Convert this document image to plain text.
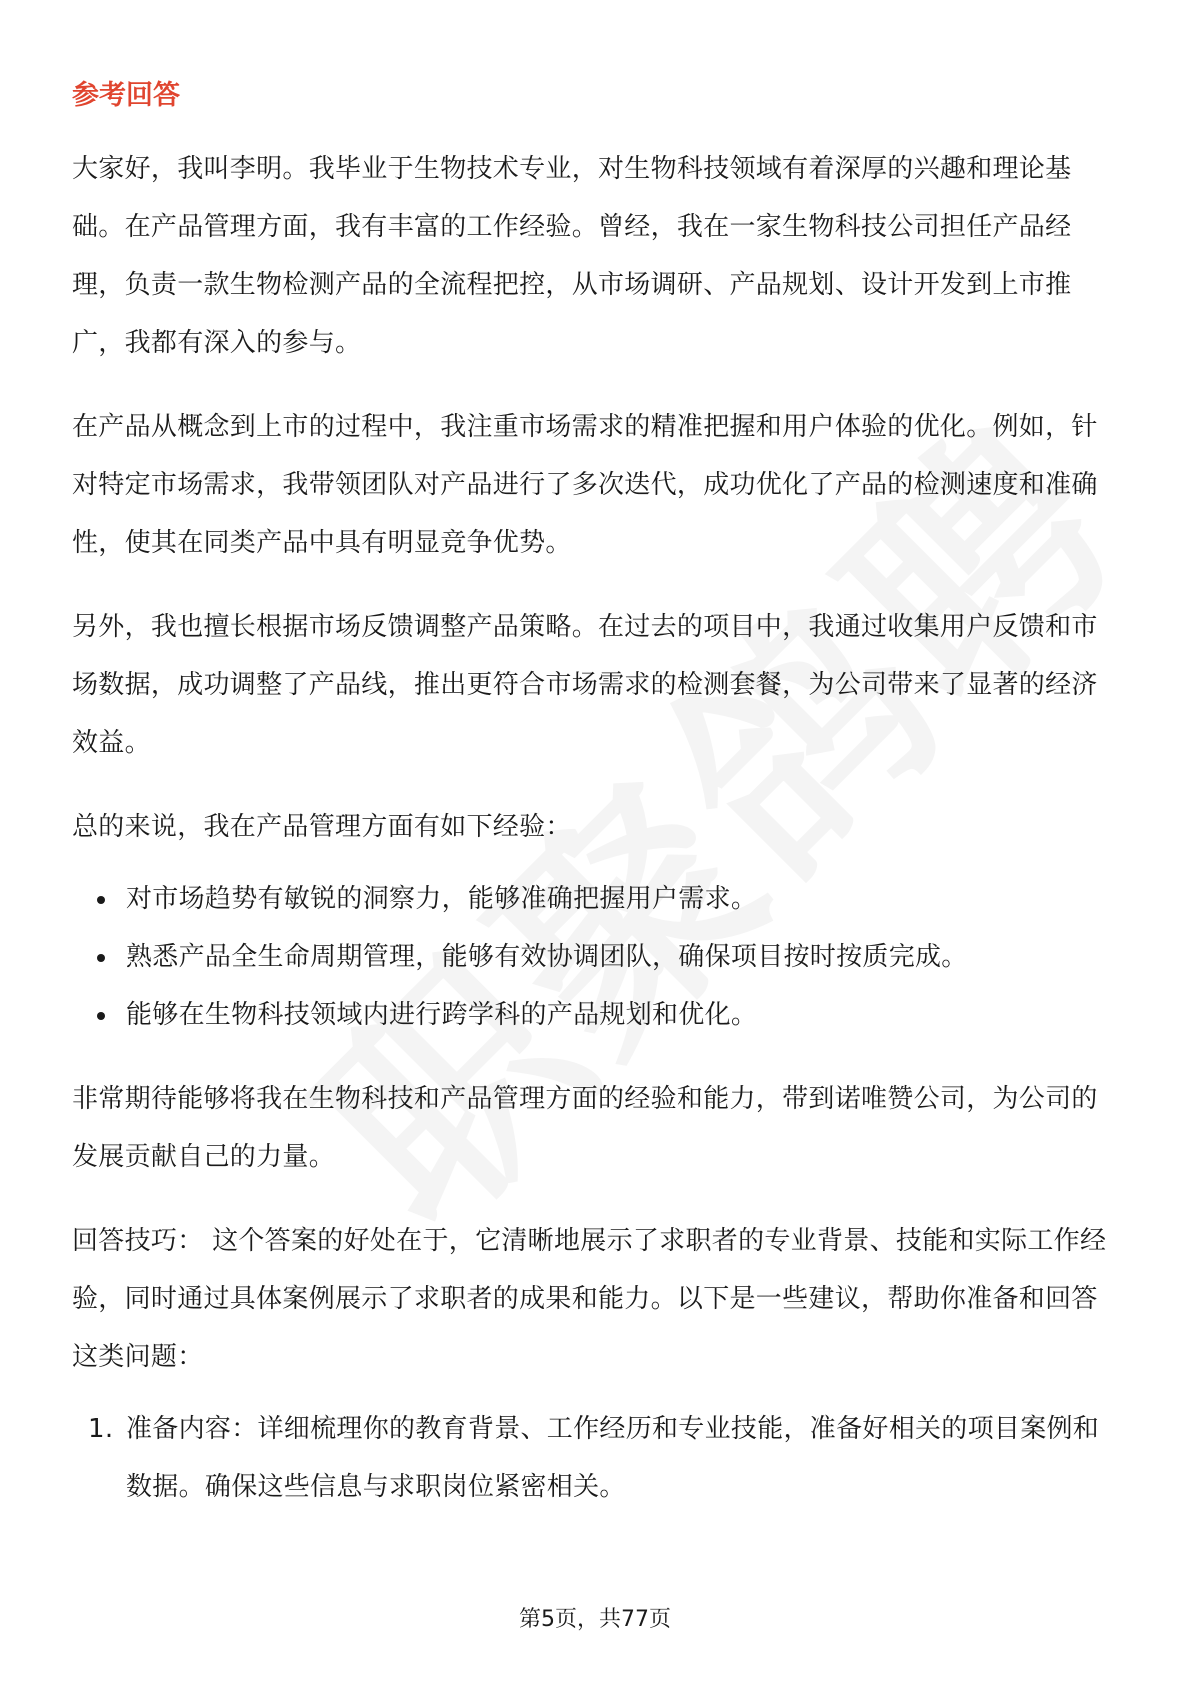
参考回答

大家好，我叫李明。我毕业于生物技术专业，对生物科技领域有着深厚的兴趣和理论基础。在产品管理方面，我有丰富的工作经验。曾经，我在一家生物科技公司担任产品经理，负责一款生物检测产品的全流程把控，从市场调研、产品规划、设计开发到上市推广，我都有深入的参与。

在产品从概念到上市的过程中，我注重市场需求的精准把握和用户体验的优化。例如，针对特定市场需求，我带领团队对产品进行了多次迭代，成功优化了产品的检测速度和准确性，使其在同类产品中具有明显竞争优势。

另外，我也擅长根据市场反馈调整产品策略。在过去的项目中，我通过收集用户反馈和市场数据，成功调整了产品线，推出更符合市场需求的检测套餐，为公司带来了显著的经济效益。

总的来说，我在产品管理方面有如下经验：

对市场趋势有敏锐的洞察力，能够准确把握用户需求。
熟悉产品全生命周期管理，能够有效协调团队，确保项目按时按质完成。
能够在生物科技领域内进行跨学科的产品规划和优化。

非常期待能够将我在生物科技和产品管理方面的经验和能力，带到诺唯赞公司，为公司的发展贡献自己的力量。

回答技巧： 这个答案的好处在于，它清晰地展示了求职者的专业背景、技能和实际工作经验，同时通过具体案例展示了求职者的成果和能力。以下是一些建议，帮助你准备和回答这类问题：

1. 准备内容：详细梳理你的教育背景、工作经历和专业技能，准备好相关的项目案例和数据。确保这些信息与求职岗位紧密相关。
第5页，共77页
